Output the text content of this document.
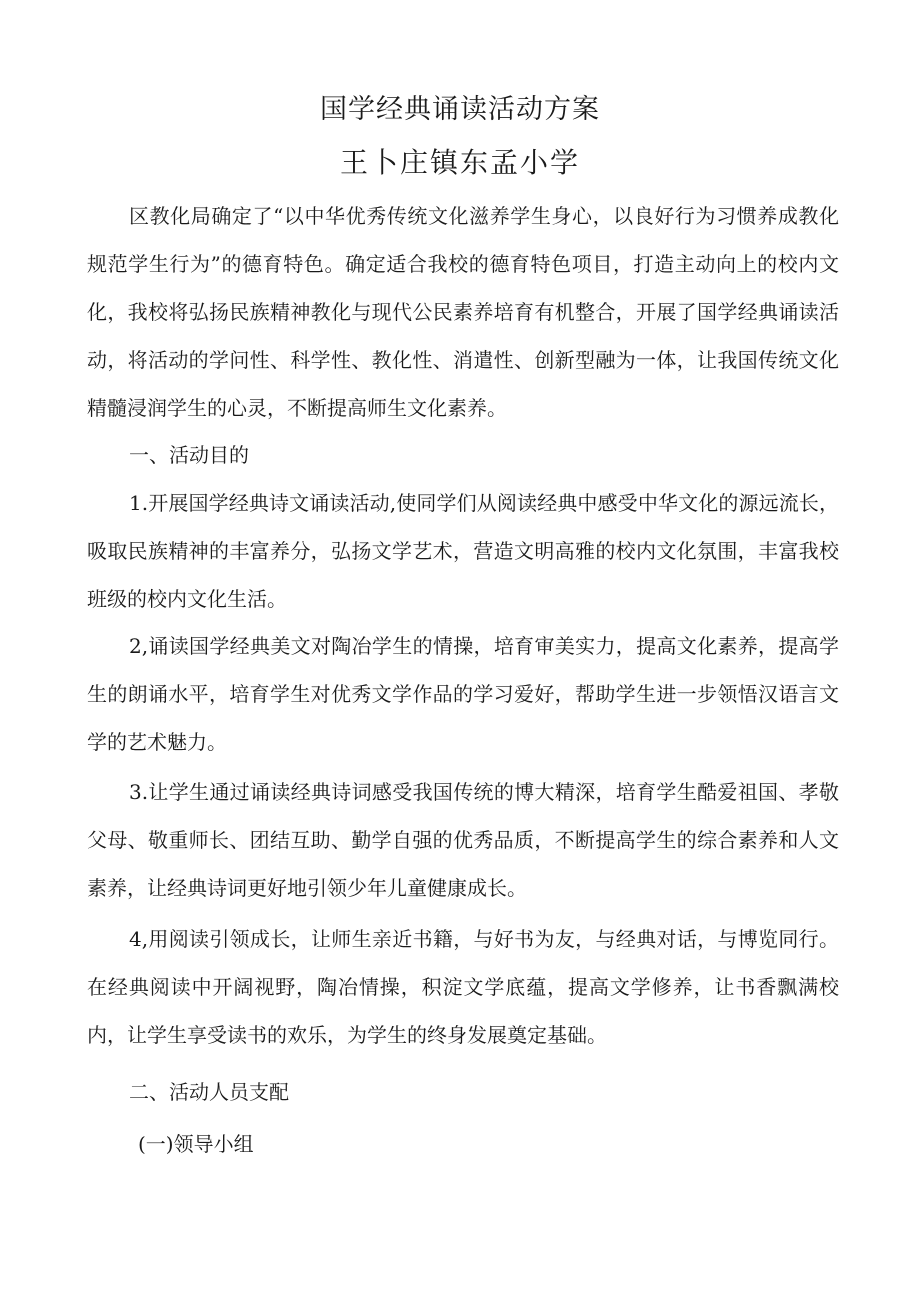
国学经典诵读活动方案
王卜庄镇东孟小学

区教化局确定了“以中华优秀传统文化滋养学生身心，以良好行为习惯养成教化规范学生行为”的德育特色。确定适合我校的德育特色项目，打造主动向上的校内文化，我校将弘扬民族精神教化与现代公民素养培育有机整合，开展了国学经典诵读活动，将活动的学问性、科学性、教化性、消遣性、创新型融为一体，让我国传统文化精髓浸润学生的心灵，不断提高师生文化素养。

一、活动目的

1.开展国学经典诗文诵读活动,使同学们从阅读经典中感受中华文化的源远流长，吸取民族精神的丰富养分，弘扬文学艺术，营造文明高雅的校内文化氛围，丰富我校班级的校内文化生活。

2,诵读国学经典美文对陶冶学生的情操，培育审美实力，提高文化素养，提高学生的朗诵水平，培育学生对优秀文学作品的学习爱好，帮助学生进一步领悟汉语言文学的艺术魅力。

3.让学生通过诵读经典诗词感受我国传统的博大精深，培育学生酷爱祖国、孝敬父母、敬重师长、团结互助、勤学自强的优秀品质，不断提高学生的综合素养和人文素养，让经典诗词更好地引领少年儿童健康成长。

4,用阅读引领成长，让师生亲近书籍，与好书为友，与经典对话，与博览同行。在经典阅读中开阔视野，陶冶情操，积淀文学底蕴，提高文学修养，让书香飘满校内，让学生享受读书的欢乐，为学生的终身发展奠定基础。

二、活动人员支配

(一)领导小组
